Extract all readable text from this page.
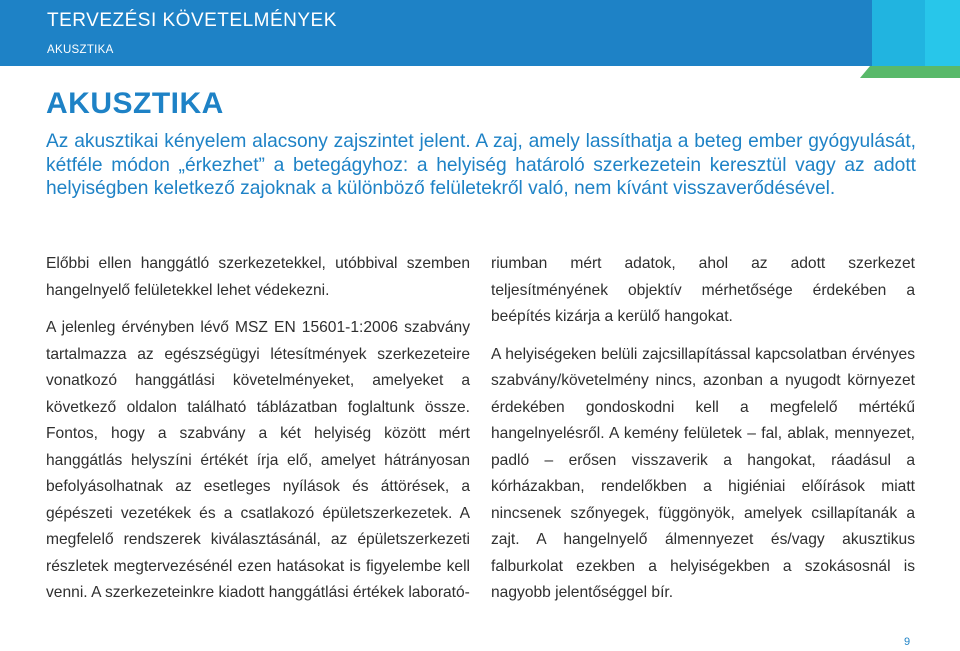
TERVEZÉSI KÖVETELMÉNYEK
AKUSZTIKA
AKUSZTIKA

Az akusztikai kényelem alacsony zajszintet jelent. A zaj, amely lassíthatja a beteg ember gyógyulását, kétféle módon „érkezhet” a betegágyhoz: a helyiség határoló szerkezetein keresztül vagy az adott helyiségben keletkező zajoknak a különböző felületekről való, nem kívánt visszaverődésével.

Előbbi ellen hanggátló szerkezetekkel, utóbbival szemben hangelnyelő felületekkel lehet védekezni.

A jelenleg érvényben lévő MSZ EN 15601-1:2006 szabvány tartalmazza az egészségügyi létesítmények szerkezeteire vonatkozó hanggátlási követelményeket, amelyeket a következő oldalon található táblázatban foglaltunk össze. Fontos, hogy a szabvány a két helyiség között mért hanggátlás helyszíni értékét írja elő, amelyet hátrányosan befolyásolhatnak az esetleges nyílások és áttörések, a gépészeti vezetékek és a csatlakozó épületszerkezetek. A megfelelő rendszerek kiválasztásánál, az épületszerkezeti részletek megtervezésénél ezen hatásokat is figyelembe kell venni. A szerkezeteinkre kiadott hanggátlási értékek laborató-

riumban mért adatok, ahol az adott szerkezet teljesítményének objektív mérhetősége érdekében a beépítés kizárja a kerülő hangokat.

A helyiségeken belüli zajcsillapítással kapcsolatban érvényes szabvány/követelmény nincs, azonban a nyugodt környezet érdekében gondoskodni kell a megfelelő mértékű hangelnyelésről. A kemény felületek – fal, ablak, mennyezet, padló – erősen visszaverik a hangokat, ráadásul a kórházakban, rendelőkben a higiéniai előírások miatt nincsenek szőnyegek, függönyök, amelyek csillapítanák a zajt. A hangelnyelő álmennyezet és/vagy akusztikus falburkolat ezekben a helyiségekben a szokásosnál is nagyobb jelentőséggel bír.

9
